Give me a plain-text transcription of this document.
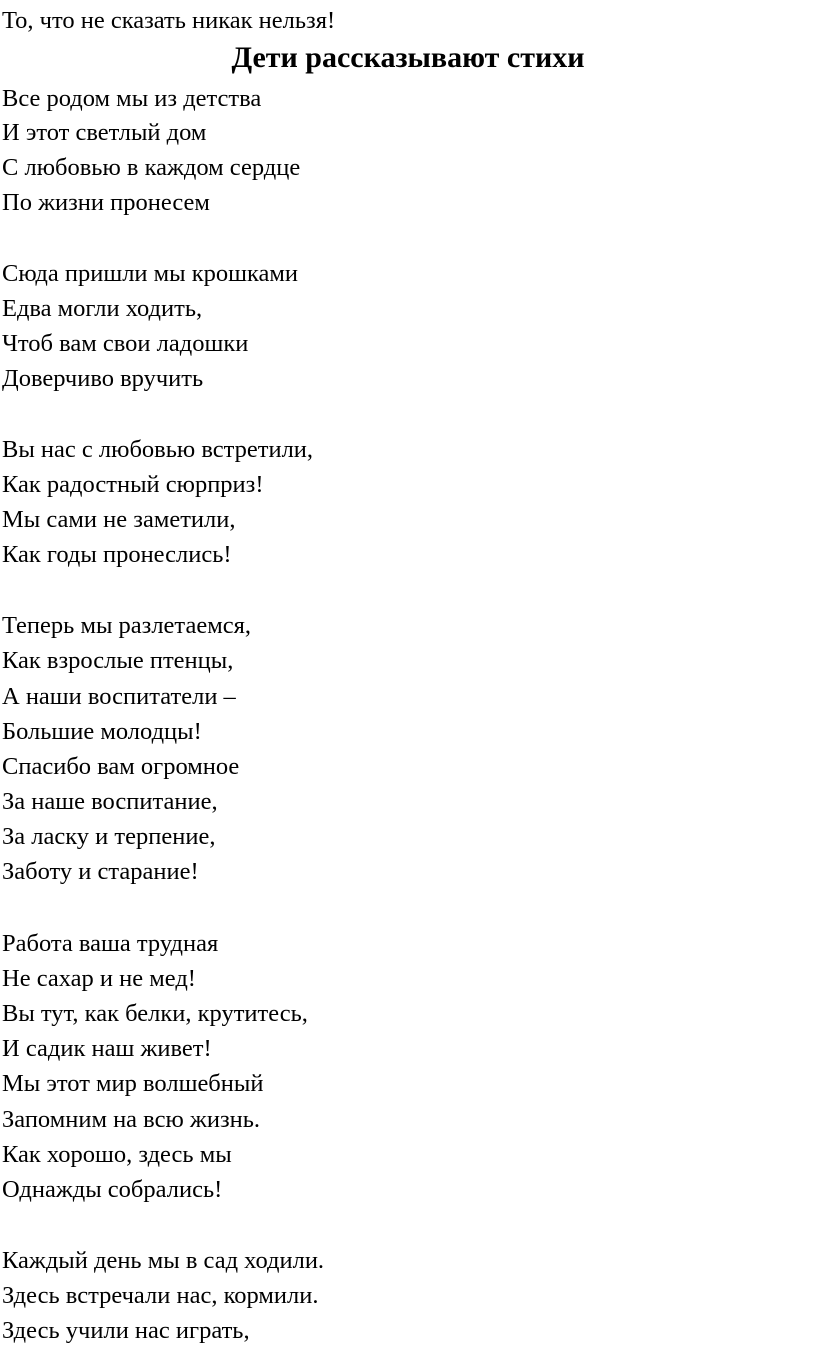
То, что не сказать никак нельзя!

Дети рассказывают стихи

Все родом мы из детства

И этот светлый дом

С любовью в каждом сердце

По жизни пронесем

Сюда пришли мы крошками

Едва могли ходить,

Чтоб вам свои ладошки

Доверчиво вручить

Вы нас с любовью встретили,

Как радостный сюрприз!

Мы сами не заметили,

Как годы пронеслись!

Теперь мы разлетаемся,

Как взрослые птенцы,

А наши воспитатели –

Большие молодцы!

Спасибо вам огромное

За наше воспитание,

За ласку и терпение,

Заботу и старание!

Работа ваша трудная

Не сахар и не мед!

Вы тут, как белки, крутитесь,

И садик наш живет!

Мы этот мир волшебный

Запомним на всю жизнь.

Как хорошо, здесь мы

Однажды собрались!

Каждый день мы в сад ходили.

Здесь встречали нас, кормили.

Здесь учили нас играть,
